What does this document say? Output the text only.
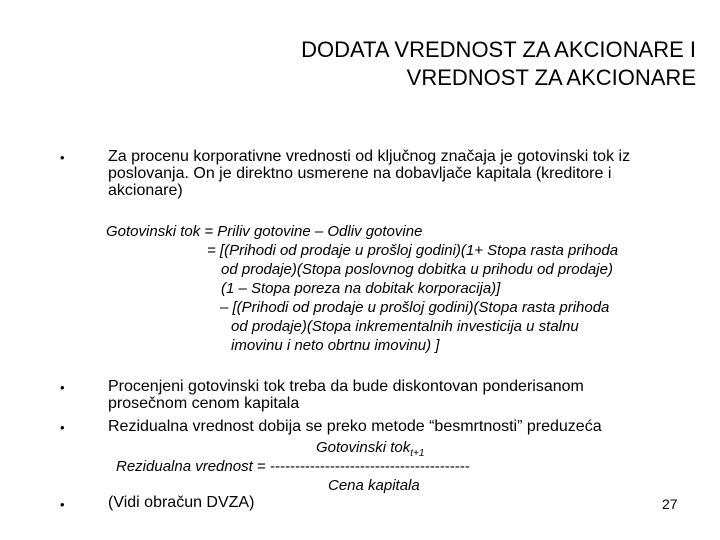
DODATA VREDNOST ZA AKCIONARE I
VREDNOST ZA AKCIONARE
•	Za procenu korporativne vrednosti od ključnog značaja je gotovinski tok iz
poslovanja. On je direktno usmerene na dobavljače kapitala (kreditore i
akcionare)
Gotovinski tok = Priliv gotovine – Odliv gotovine
= [(Prihodi od prodaje u prošloj godini)(1+ Stopa rasta prihoda
od prodaje)(Stopa poslovnog dobitka u prihodu od prodaje)
(1 – Stopa poreza na dobitak korporacija)]
– [(Prihodi od prodaje u prošloj godini)(Stopa rasta prihoda
od prodaje)(Stopa inkrementalnih investicija u stalnu
imovinu i neto obrtnu imovinu) ]
•	Procenjeni gotovinski tok treba da bude diskontovan ponderisanom
prosečnom cenom kapitala
•	Rezidualna vrednost dobija se preko metode “besmrtnosti” preduzeća
Gotovinski tok$_{t+1}$
Rezidualna vrednost = ----------------------------------------
Cena kapitala
•	(Vidi obračun DVZA)	27
